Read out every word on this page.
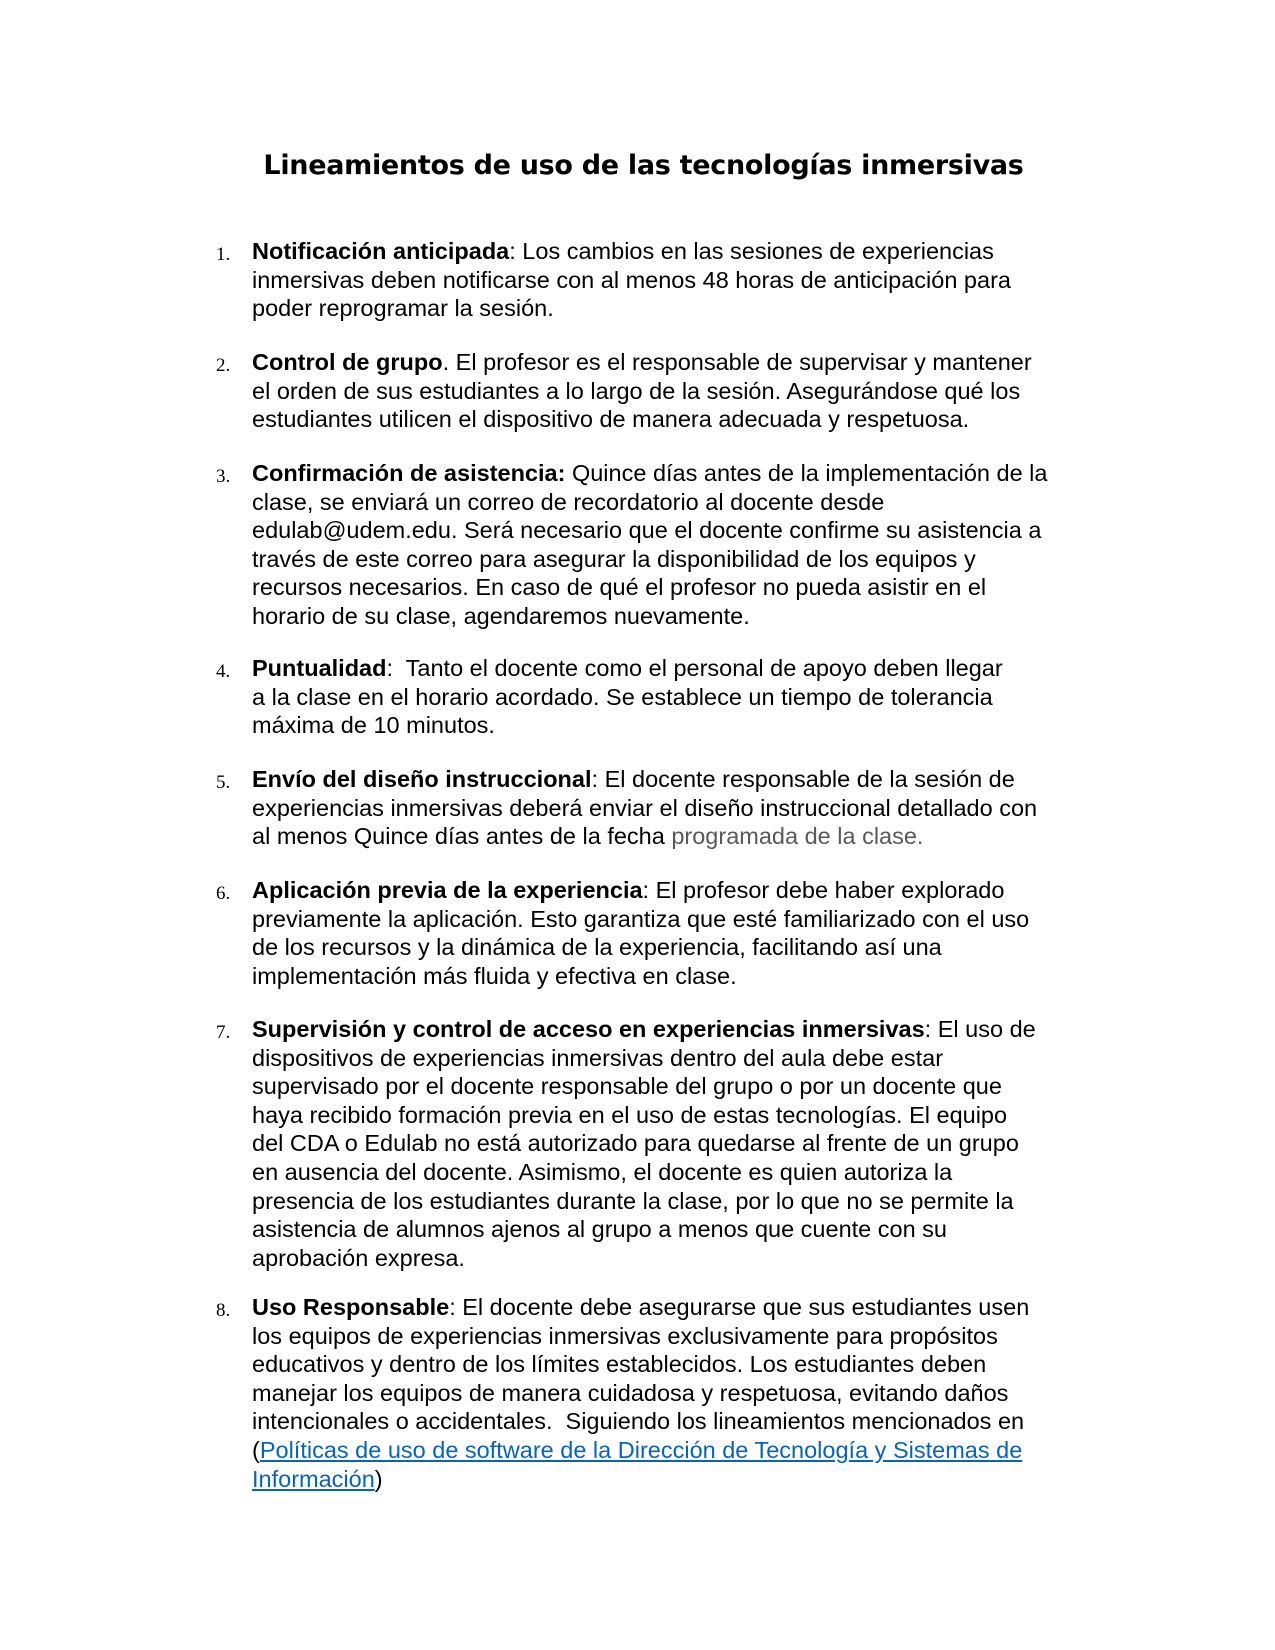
Lineamientos de uso de las tecnologías inmersivas
1. Notificación anticipada: Los cambios en las sesiones de experiencias
inmersivas deben notificarse con al menos 48 horas de anticipación para
poder reprogramar la sesión.
2. Control de grupo. El profesor es el responsable de supervisar y mantener
el orden de sus estudiantes a lo largo de la sesión. Asegurándose qué los
estudiantes utilicen el dispositivo de manera adecuada y respetuosa.
3. Confirmación de asistencia: Quince días antes de la implementación de la
clase, se enviará un correo de recordatorio al docente desde
edulab@udem.edu. Será necesario que el docente confirme su asistencia a
través de este correo para asegurar la disponibilidad de los equipos y
recursos necesarios. En caso de qué el profesor no pueda asistir en el
horario de su clase, agendaremos nuevamente.
4. Puntualidad:  Tanto el docente como el personal de apoyo deben llegar
a la clase en el horario acordado. Se establece un tiempo de tolerancia
máxima de 10 minutos.
5. Envío del diseño instruccional: El docente responsable de la sesión de
experiencias inmersivas deberá enviar el diseño instruccional detallado con
al menos Quince días antes de la fecha programada de la clase.
6. Aplicación previa de la experiencia: El profesor debe haber explorado
previamente la aplicación. Esto garantiza que esté familiarizado con el uso
de los recursos y la dinámica de la experiencia, facilitando así una
implementación más fluida y efectiva en clase.
7. Supervisión y control de acceso en experiencias inmersivas: El uso de
dispositivos de experiencias inmersivas dentro del aula debe estar
supervisado por el docente responsable del grupo o por un docente que
haya recibido formación previa en el uso de estas tecnologías. El equipo
del CDA o Edulab no está autorizado para quedarse al frente de un grupo
en ausencia del docente. Asimismo, el docente es quien autoriza la
presencia de los estudiantes durante la clase, por lo que no se permite la
asistencia de alumnos ajenos al grupo a menos que cuente con su
aprobación expresa.
8. Uso Responsable: El docente debe asegurarse que sus estudiantes usen
los equipos de experiencias inmersivas exclusivamente para propósitos
educativos y dentro de los límites establecidos. Los estudiantes deben
manejar los equipos de manera cuidadosa y respetuosa, evitando daños
intencionales o accidentales.  Siguiendo los lineamientos mencionados en
(Políticas de uso de software de la Dirección de Tecnología y Sistemas de
Información)
